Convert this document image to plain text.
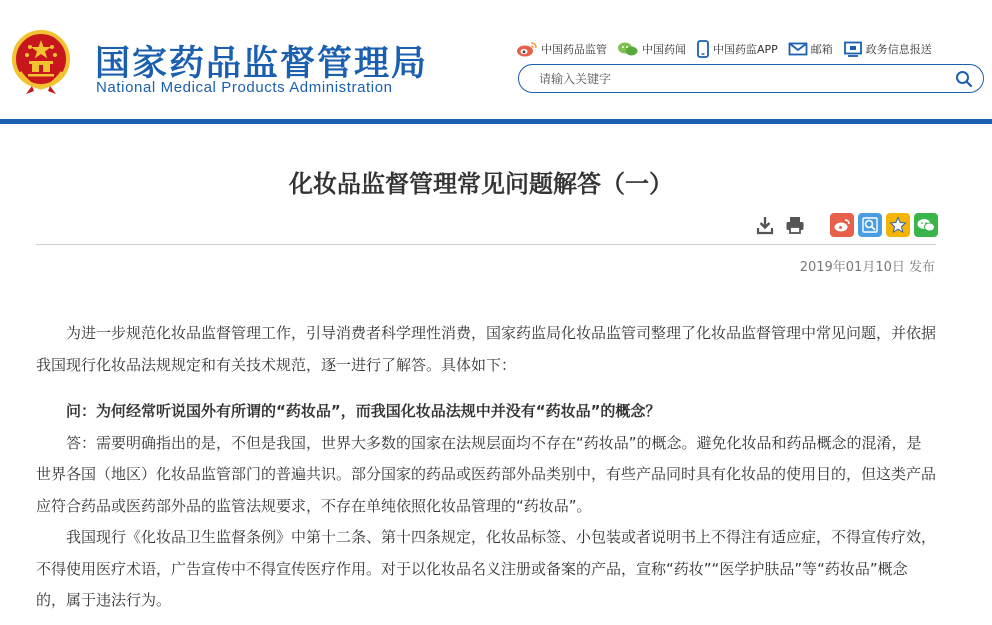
国家药品监督管理局
National Medical Products Administration
中国药品监管	中国药闻 中国药监APP	邮箱	政务信息报送
请输入关键字
化妆品监督管理常见问题解答（一）
2019年01月10日 发布

为进一步规范化妆品监督管理工作，引导消费者科学理性消费，国家药监局化妆品监管司整理了化妆品监督管理中常见问题，并依据我国现行化妆品法规规定和有关技术规范，逐一进行了解答。具体如下：

问：为何经常听说国外有所谓的“药妆品”，而我国化妆品法规中并没有“药妆品”的概念？

答：需要明确指出的是，不但是我国，世界大多数的国家在法规层面均不存在“药妆品”的概念。避免化妆品和药品概念的混淆，是世界各国（地区）化妆品监管部门的普遍共识。部分国家的药品或医药部外品类别中，有些产品同时具有化妆品的使用目的，但这类产品应符合药品或医药部外品的监管法规要求，不存在单纯依照化妆品管理的“药妆品”。

我国现行《化妆品卫生监督条例》中第十二条、第十四条规定，化妆品标签、小包装或者说明书上不得注有适应症，不得宣传疗效，不得使用医疗术语，广告宣传中不得宣传医疗作用。对于以化妆品名义注册或备案的产品，宣称“药妆”“医学护肤品”等“药妆品”概念的，属于违法行为。
